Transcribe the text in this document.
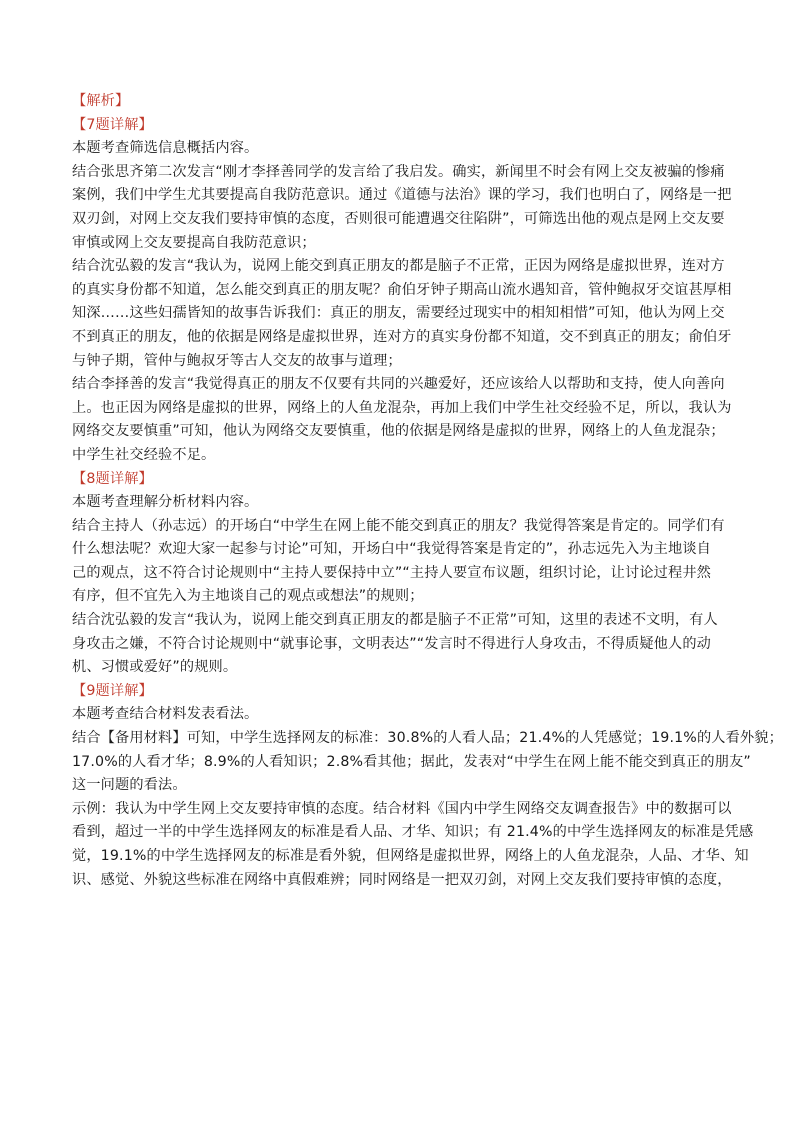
【解析】
【7题详解】
本题考查筛选信息概括内容。
结合张思齐第二次发言“刚才李择善同学的发言给了我启发。确实，新闻里不时会有网上交友被骗的惨痛
案例，我们中学生尤其要提高自我防范意识。通过《道德与法治》课的学习，我们也明白了，网络是一把
双刃剑，对网上交友我们要持审慎的态度，否则很可能遭遇交往陷阱”，可筛选出他的观点是网上交友要
审慎或网上交友要提高自我防范意识；
结合沈弘毅的发言“我认为，说网上能交到真正朋友的都是脑子不正常，正因为网络是虚拟世界，连对方
的真实身份都不知道，怎么能交到真正的朋友呢？俞伯牙钟子期高山流水遇知音，管仲鲍叔牙交谊甚厚相
知深……这些妇孺皆知的故事告诉我们：真正的朋友，需要经过现实中的相知相惜”可知，他认为网上交
不到真正的朋友，他的依据是网络是虚拟世界，连对方的真实身份都不知道，交不到真正的朋友；俞伯牙
与钟子期，管仲与鲍叔牙等古人交友的故事与道理；
结合李择善的发言“我觉得真正的朋友不仅要有共同的兴趣爱好，还应该给人以帮助和支持，使人向善向
上。也正因为网络是虚拟的世界，网络上的人鱼龙混杂，再加上我们中学生社交经验不足，所以，我认为
网络交友要慎重”可知，他认为网络交友要慎重，他的依据是网络是虚拟的世界，网络上的人鱼龙混杂；
中学生社交经验不足。
【8题详解】
本题考查理解分析材料内容。
结合主持人（孙志远）的开场白“中学生在网上能不能交到真正的朋友？我觉得答案是肯定的。同学们有
什么想法呢？欢迎大家一起参与讨论”可知，开场白中“我觉得答案是肯定的”，孙志远先入为主地谈自
己的观点，这不符合讨论规则中“主持人要保持中立”“主持人要宣布议题，组织讨论，让讨论过程井然
有序，但不宜先入为主地谈自己的观点或想法”的规则；
结合沈弘毅的发言“我认为，说网上能交到真正朋友的都是脑子不正常”可知，这里的表述不文明，有人
身攻击之嫌，不符合讨论规则中“就事论事，文明表达”“发言时不得进行人身攻击，不得质疑他人的动
机、习惯或爱好”的规则。
【9题详解】
本题考查结合材料发表看法。
结合【备用材料】可知，中学生选择网友的标准：30.8%的人看人品；21.4%的人凭感觉；19.1%的人看外貌；
17.0%的人看才华；8.9%的人看知识；2.8%看其他；据此，发表对“中学生在网上能不能交到真正的朋友”
这一问题的看法。
示例：我认为中学生网上交友要持审慎的态度。结合材料《国内中学生网络交友调查报告》中的数据可以
看到，超过一半的中学生选择网友的标准是看人品、才华、知识；有 21.4%的中学生选择网友的标准是凭感
觉，19.1%的中学生选择网友的标准是看外貌，但网络是虚拟世界，网络上的人鱼龙混杂，人品、才华、知
识、感觉、外貌这些标准在网络中真假难辨；同时网络是一把双刃剑，对网上交友我们要持审慎的态度，
